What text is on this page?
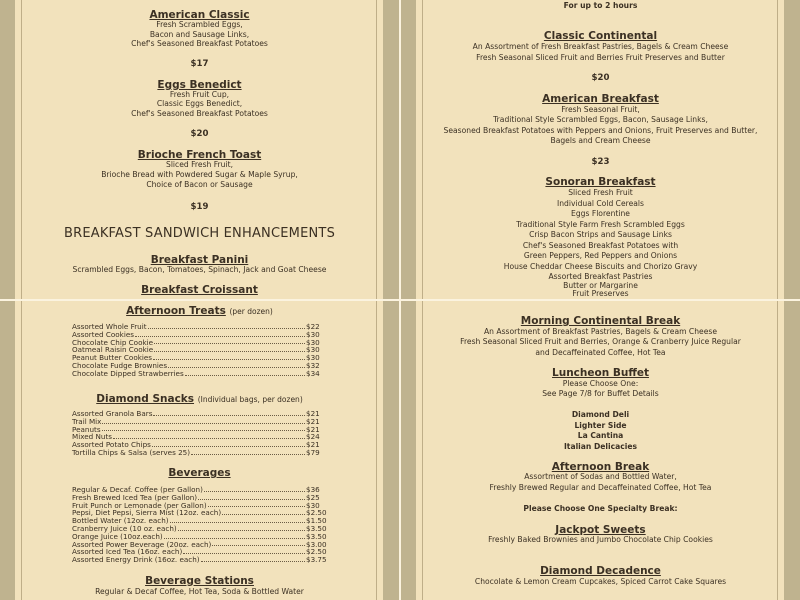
American Classic
Fresh Scrambled Eggs,
Bacon and Sausage Links,
Chef's Seasoned Breakfast Potatoes
$17
Eggs Benedict
Fresh Fruit Cup,
Classic Eggs Benedict,
Chef's Seasoned Breakfast Potatoes
$20
Brioche French Toast
Sliced Fresh Fruit,
Brioche Bread with Powdered Sugar & Maple Syrup,
Choice of Bacon or Sausage
$19
BREAKFAST SANDWICH ENHANCEMENTS
Breakfast Panini
Scrambled Eggs, Bacon, Tomatoes, Spinach, Jack and Goat Cheese
Breakfast Croissant
For up to 2 hours
Classic Continental
An Assortment of Fresh Breakfast Pastries, Bagels & Cream Cheese
Fresh Seasonal Sliced Fruit and Berries Fruit Preserves and Butter
$20
American Breakfast
Fresh Seasonal Fruit,
Traditional Style Scrambled Eggs, Bacon, Sausage Links,
Seasoned Breakfast Potatoes with Peppers and Onions, Fruit Preserves and Butter,
Bagels and Cream Cheese
$23
Sonoran Breakfast
Sliced Fresh Fruit
Individual Cold Cereals
Eggs Florentine
Traditional Style Farm Fresh Scrambled Eggs
Crisp Bacon Strips and Sausage Links
Chef's Seasoned Breakfast Potatoes with
Green Peppers, Red Peppers and Onions
House Cheddar Cheese Biscuits and Chorizo Gravy
Assorted Breakfast Pastries
Butter or Margarine
Fruit Preserves
Afternoon Treats (per dozen)
Assorted Whole Fruit	$22
Assorted Cookies	$30
Chocolate Chip Cookie	$30
Oatmeal Raisin Cookie	$30
Peanut Butter Cookies	$30
Chocolate Fudge Brownies	$32
Chocolate Dipped Strawberries	$34
Diamond Snacks (Individual bags, per dozen)
Assorted Granola Bars	$21
Trail Mix	$21
Peanuts	$21
Mixed Nuts	$24
Assorted Potato Chips	$21
Tortilla Chips & Salsa (serves 25)	$79
Beverages
Regular & Decaf. Coffee (per Gallon)	$36
Fresh Brewed Iced Tea (per Gallon)	$25
Fruit Punch or Lemonade (per Gallon)	$30
Pepsi, Diet Pepsi, Sierra Mist (12oz. each)	$2.50
Bottled Water (12oz. each)	$1.50
Cranberry Juice (10 oz. each)	$3.50
Orange Juice (10oz.each)	$3.50
Assorted Power Beverage (20oz. each)	$3.00
Assorted Iced Tea (16oz. each)	$2.50
Assorted Energy Drink (16oz. each)	$3.75
Beverage Stations
Regular & Decaf Coffee, Hot Tea, Soda & Bottled Water
Morning Continental Break
An Assortment of Breakfast Pastries, Bagels & Cream Cheese
Fresh Seasonal Sliced Fruit and Berries, Orange & Cranberry Juice Regular
and Decaffeinated Coffee, Hot Tea
Luncheon Buffet
Please Choose One:
See Page 7/8 for Buffet Details
Diamond Deli
Lighter Side
La Cantina
Italian Delicacies
Afternoon Break
Assortment of Sodas and Bottled Water,
Freshly Brewed Regular and Decaffeinated Coffee, Hot Tea
Please Choose One Specialty Break:
Jackpot Sweets
Freshly Baked Brownies and Jumbo Chocolate Chip Cookies
Diamond Decadence
Chocolate & Lemon Cream Cupcakes, Spiced Carrot Cake Squares
